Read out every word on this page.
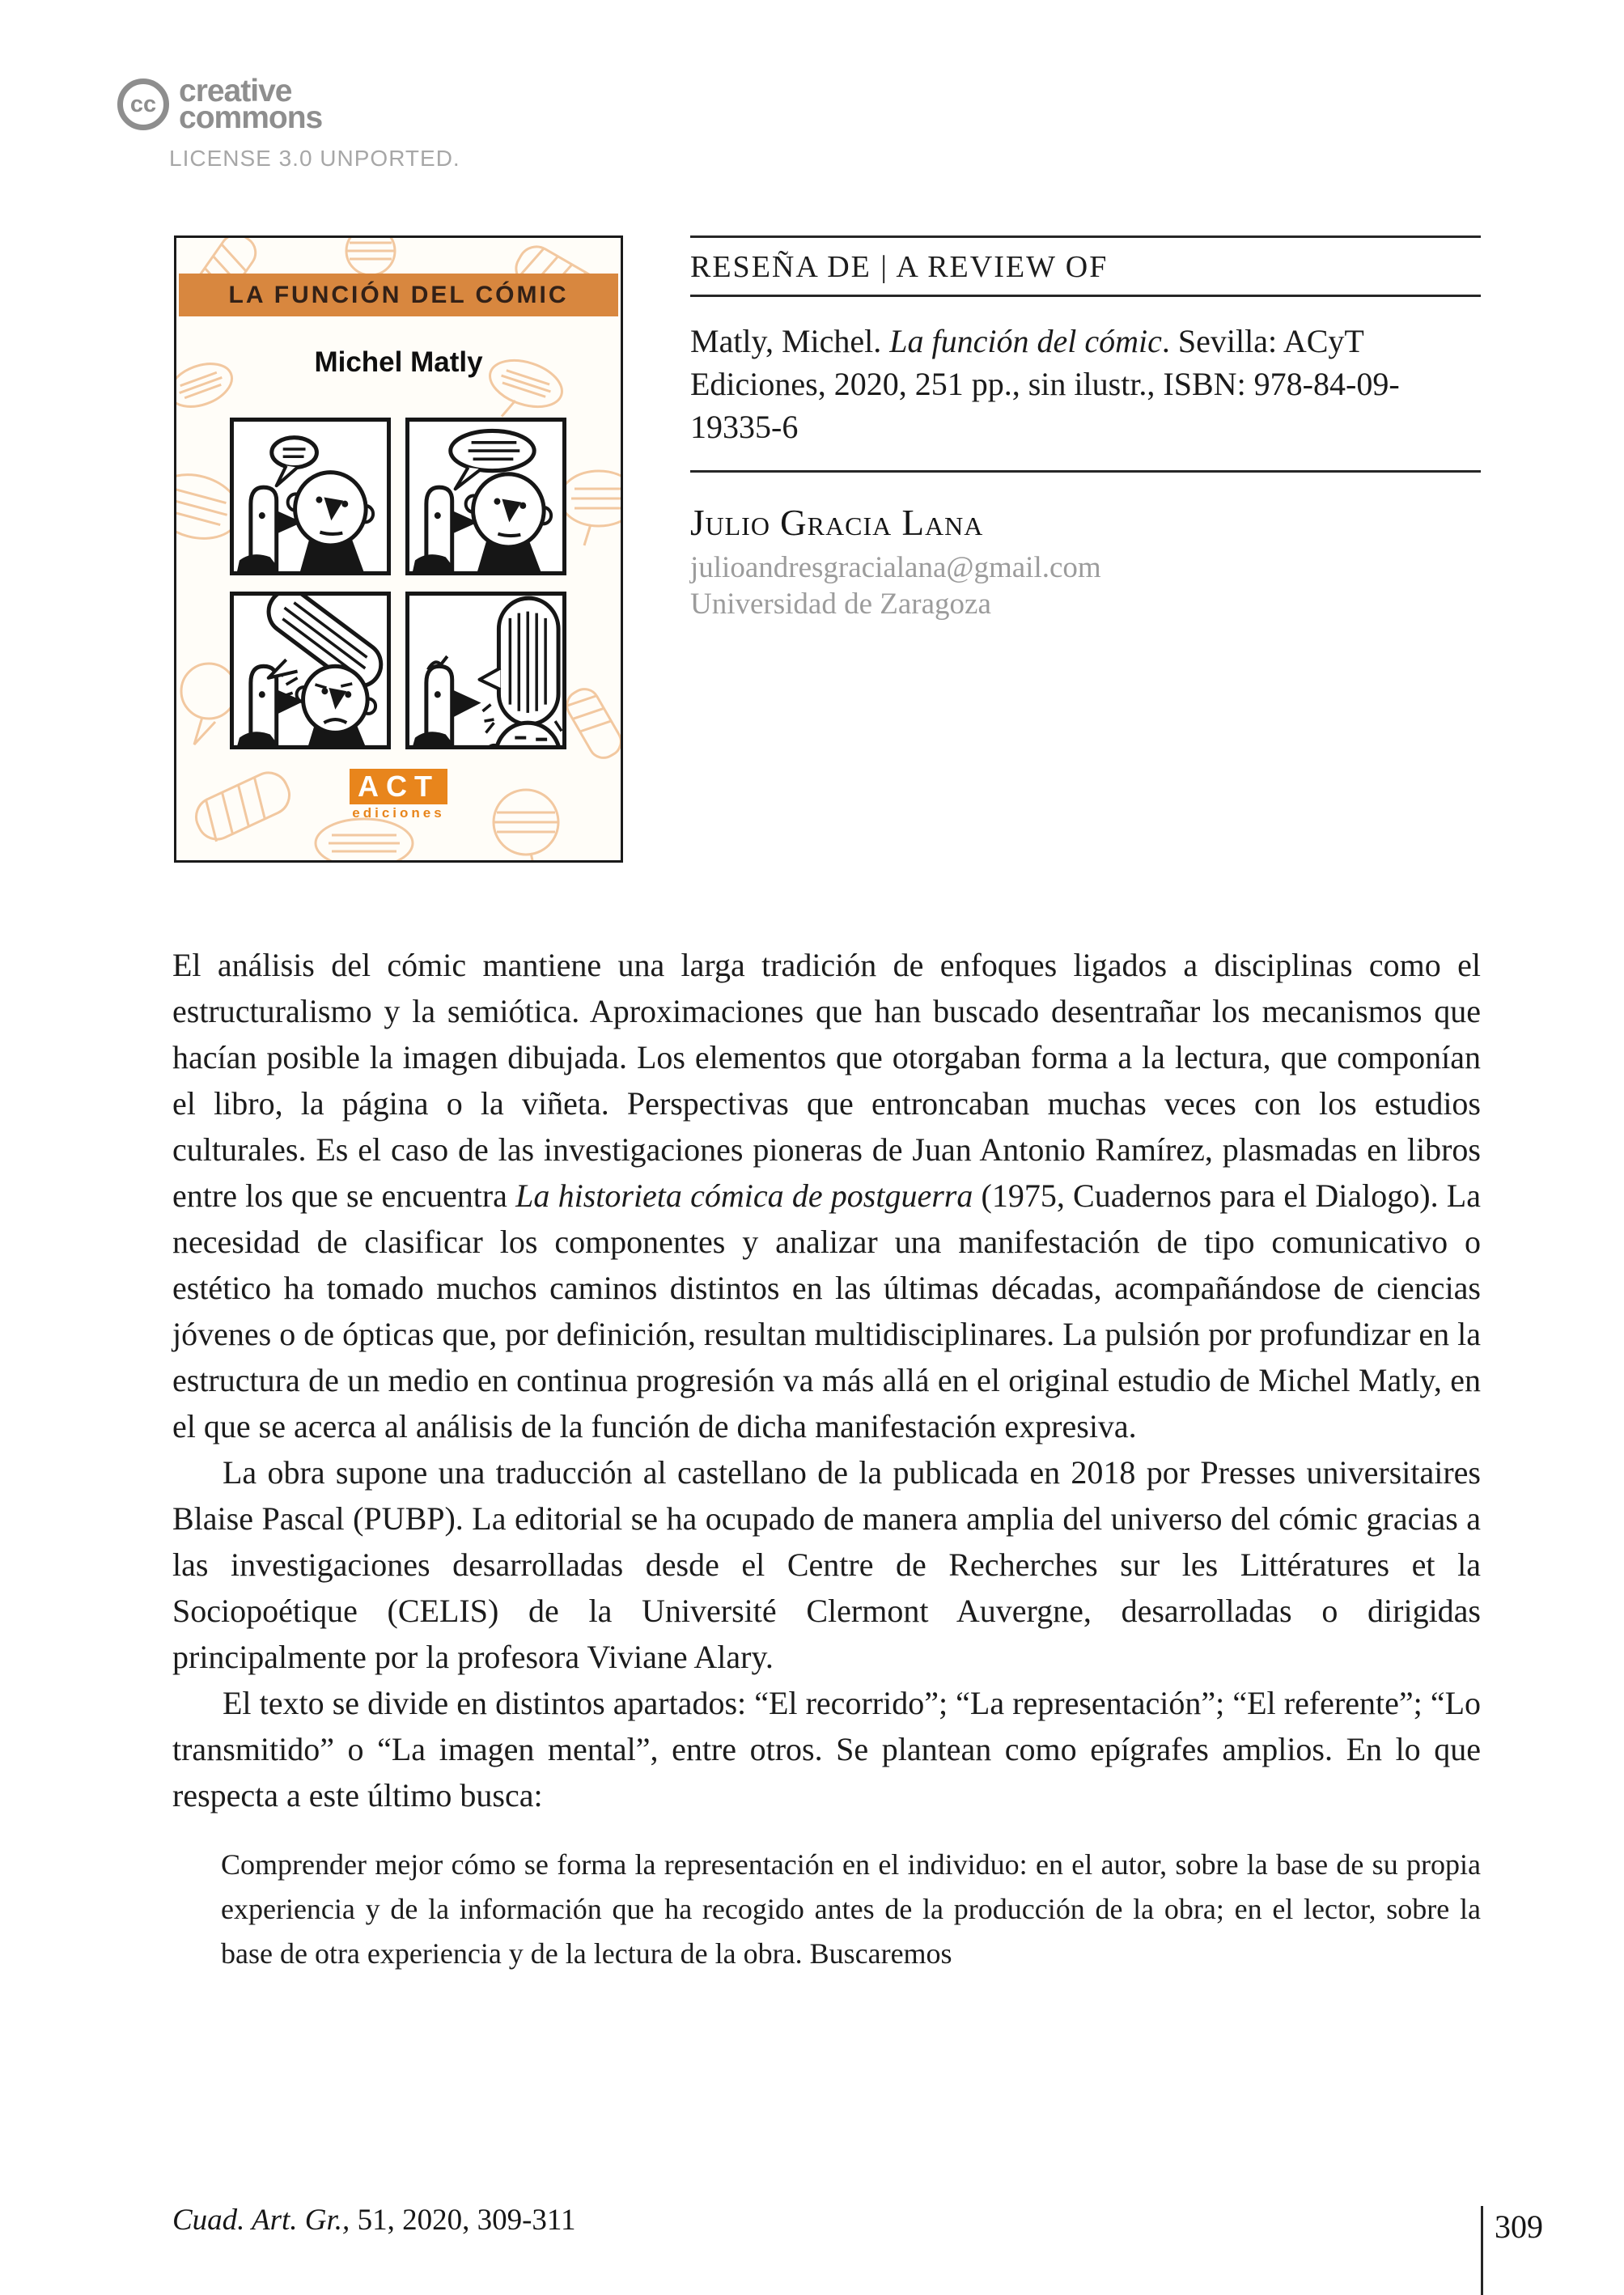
cc creative
commons
LICENSE 3.0 UNPORTED.
LA FUNCIÓN DEL CÓMIC
Michel Matly
ACT
ediciones
RESEÑA DE | A REVIEW OF

Matly, Michel. La función del cómic. Sevilla: ACyT Ediciones, 2020, 251 pp., sin ilustr., ISBN: 978-84-09-19335-6

Julio Gracia Lana
julioandresgracialana@gmail.com
Universidad de Zaragoza

El análisis del cómic mantiene una larga tradición de enfoques ligados a disciplinas como el estructuralismo y la semiótica. Aproximaciones que han buscado desentrañar los mecanismos que hacían posible la imagen dibujada. Los elementos que otorgaban forma a la lectura, que componían el libro, la página o la viñeta. Perspectivas que entroncaban muchas veces con los estudios culturales. Es el caso de las investigaciones pioneras de Juan Antonio Ramírez, plasmadas en libros entre los que se encuentra La historieta cómica de postguerra (1975, Cuadernos para el Dialogo). La necesidad de clasificar los componentes y analizar una manifestación de tipo comunicativo o estético ha tomado muchos caminos distintos en las últimas décadas, acompañándose de ciencias jóvenes o de ópticas que, por definición, resultan multidisciplinares. La pulsión por profundizar en la estructura de un medio en continua progresión va más allá en el original estudio de Michel Matly, en el que se acerca al análisis de la función de dicha manifestación expresiva.

La obra supone una traducción al castellano de la publicada en 2018 por Presses universitaires Blaise Pascal (PUBP). La editorial se ha ocupado de manera amplia del universo del cómic gracias a las investigaciones desarrolladas desde el Centre de Recherches sur les Littératures et la Sociopoétique (CELIS) de la Université Clermont Auvergne, desarrolladas o dirigidas principalmente por la profesora Viviane Alary.

El texto se divide en distintos apartados: “El recorrido”; “La representación”; “El referente”; “Lo transmitido” o “La imagen mental”, entre otros. Se plantean como epígrafes amplios. En lo que respecta a este último busca:

Comprender mejor cómo se forma la representación en el individuo: en el autor, sobre la base de su propia experiencia y de la información que ha recogido antes de la producción de la obra; en el lector, sobre la base de otra experiencia y de la lectura de la obra. Buscaremos
Cuad. Art. Gr., 51, 2020, 309-311	309
